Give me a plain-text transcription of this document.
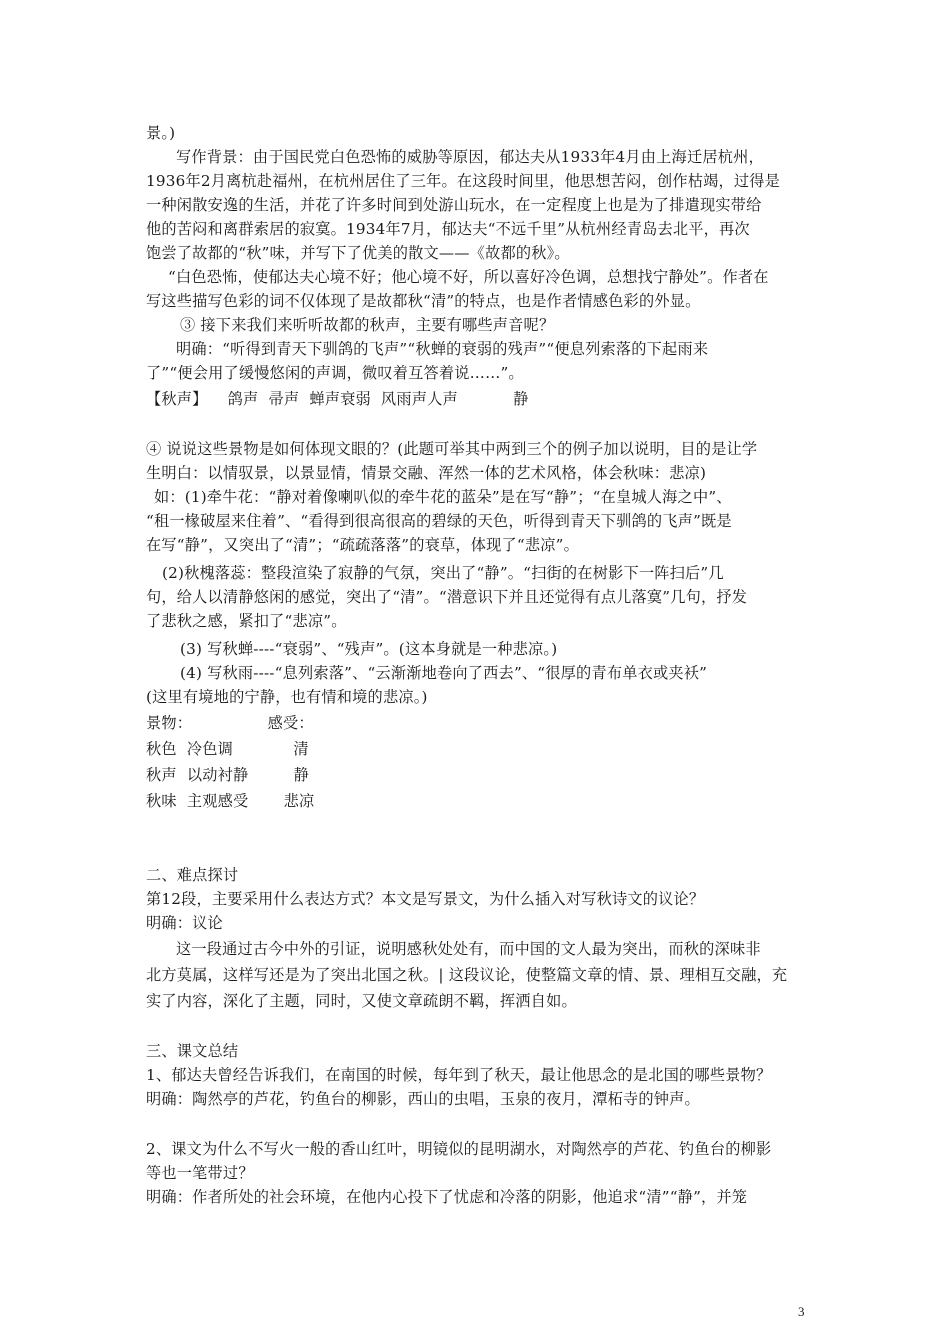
景。)
写作背景：由于国民党白色恐怖的威胁等原因，郁达夫从1933年4月由上海迁居杭州，
1936年2月离杭赴福州，在杭州居住了三年。在这段时间里，他思想苦闷，创作枯竭，过得是
一种闲散安逸的生活，并花了许多时间到处游山玩水，在一定程度上也是为了排遣现实带给
他的苦闷和离群索居的寂寞。1934年7月，郁达夫“不远千里”从杭州经青岛去北平，再次
饱尝了故都的“秋”味，并写下了优美的散文——《故都的秋》。
“白色恐怖，使郁达夫心境不好；他心境不好，所以喜好冷色调，总想找宁静处”。作者在
写这些描写色彩的词不仅体现了是故都秋“清”的特点，也是作者情感色彩的外显。
③ 接下来我们来听听故都的秋声，主要有哪些声音呢？
明确：“听得到青天下驯鸽的飞声”“秋蝉的衰弱的残声”“便息列索落的下起雨来
了”“便会用了缓慢悠闲的声调，微叹着互答着说……”。
【秋声】    鸽声  帚声  蝉声衰弱  风雨声人声           静
④ 说说这些景物是如何体现文眼的？(此题可举其中两到三个的例子加以说明，目的是让学
生明白：以情驭景，以景显情，情景交融、浑然一体的艺术风格，体会秋味：悲凉)
如：(1)牵牛花：“静对着像喇叭似的牵牛花的蓝朵”是在写“静”；“在皇城人海之中”、
“租一椽破屋来住着”、“看得到很高很高的碧绿的天色，听得到青天下驯鸽的飞声”既是
在写“静”，又突出了“清”；“疏疏落落”的衰草，体现了“悲凉”。
(2)秋槐落蕊：整段渲染了寂静的气氛，突出了“静”。“扫街的在树影下一阵扫后”几
句，给人以清静悠闲的感觉，突出了“清”。“潜意识下并且还觉得有点儿落寞”几句，抒发
了悲秋之感，紧扣了“悲凉”。
(3) 写秋蝉----“衰弱”、“残声”。(这本身就是一种悲凉。)
(4) 写秋雨----“息列索落”、“云渐渐地卷向了西去”、“很厚的青布单衣或夹袄”
(这里有境地的宁静，也有情和境的悲凉。)
景物：               感受：
秋色  冷色调            清
秋声  以动衬静         静
秋味  主观感受       悲凉
二、难点探讨
第12段，主要采用什么表达方式？本文是写景文，为什么插入对写秋诗文的议论？
明确：议论
这一段通过古今中外的引证，说明感秋处处有，而中国的文人最为突出，而秋的深味非
北方莫属，这样写还是为了突出北国之秋。| 这段议论，使整篇文章的情、景、理相互交融，充
实了内容，深化了主题，同时，又使文章疏朗不羁，挥洒自如。
三、课文总结
1、郁达夫曾经告诉我们，在南国的时候，每年到了秋天，最让他思念的是北国的哪些景物？
明确：陶然亭的芦花，钓鱼台的柳影，西山的虫唱，玉泉的夜月，潭柘寺的钟声。
2、课文为什么不写火一般的香山红叶，明镜似的昆明湖水，对陶然亭的芦花、钓鱼台的柳影
等也一笔带过？
明确：作者所处的社会环境，在他内心投下了忧虑和冷落的阴影，他追求“清”“静”，并笼
3
